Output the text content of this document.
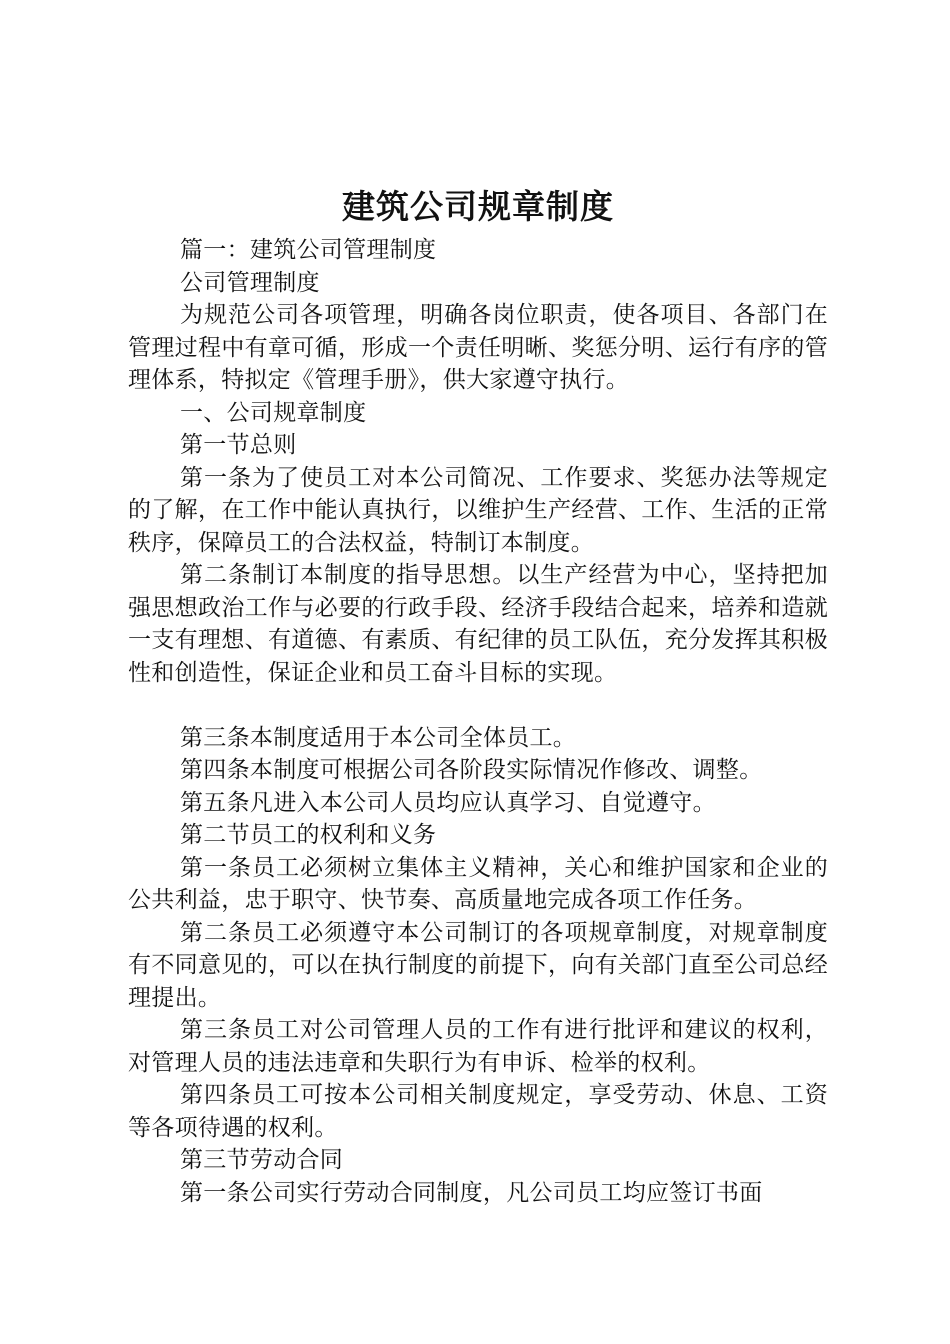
建筑公司规章制度

篇一：建筑公司管理制度

公司管理制度

为规范公司各项管理，明确各岗位职责，使各项目、各部门在管理过程中有章可循，形成一个责任明晰、奖惩分明、运行有序的管理体系，特拟定《管理手册》，供大家遵守执行。

一、公司规章制度

第一节总则

第一条为了使员工对本公司简况、工作要求、奖惩办法等规定的了解，在工作中能认真执行，以维护生产经营、工作、生活的正常秩序，保障员工的合法权益，特制订本制度。

第二条制订本制度的指导思想。以生产经营为中心，坚持把加强思想政治工作与必要的行政手段、经济手段结合起来，培养和造就一支有理想、有道德、有素质、有纪律的员工队伍，充分发挥其积极性和创造性，保证企业和员工奋斗目标的实现。

第三条本制度适用于本公司全体员工。

第四条本制度可根据公司各阶段实际情况作修改、调整。

第五条凡进入本公司人员均应认真学习、自觉遵守。

第二节员工的权利和义务

第一条员工必须树立集体主义精神，关心和维护国家和企业的公共利益，忠于职守、快节奏、高质量地完成各项工作任务。

第二条员工必须遵守本公司制订的各项规章制度，对规章制度有不同意见的，可以在执行制度的前提下，向有关部门直至公司总经理提出。

第三条员工对公司管理人员的工作有进行批评和建议的权利，对管理人员的违法违章和失职行为有申诉、检举的权利。

第四条员工可按本公司相关制度规定，享受劳动、休息、工资等各项待遇的权利。

第三节劳动合同

第一条公司实行劳动合同制度，凡公司员工均应签订书面
